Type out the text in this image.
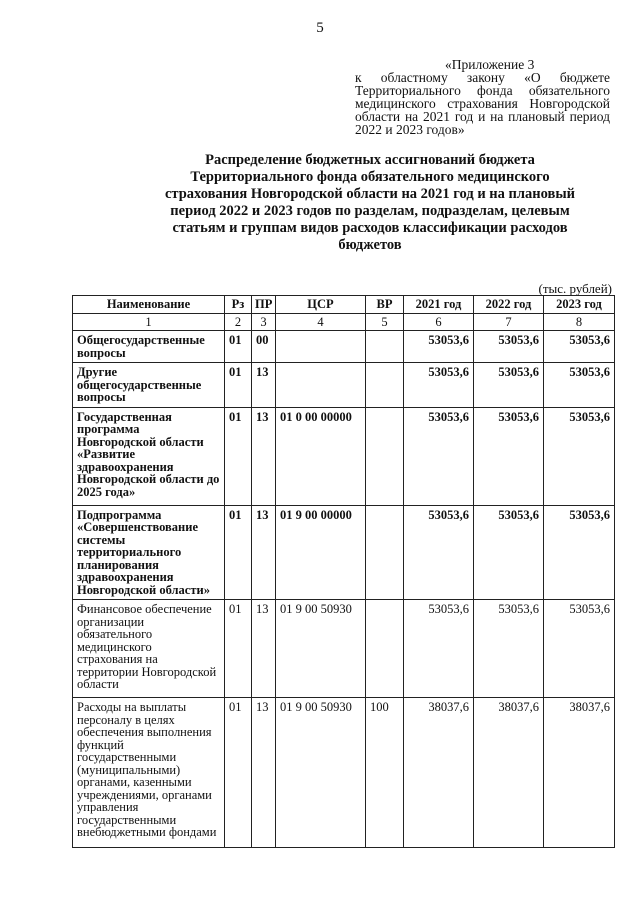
5
«Приложение 3
к областному закону «О бюджете Территориального фонда обязательного медицинского страхования Новгородской области на 2021 год и на плановый период 2022 и 2023 годов»
Распределение бюджетных ассигнований бюджета Территориального фонда обязательного медицинского страхования Новгородской области на 2021 год и на плановый период 2022 и 2023 годов по разделам, подразделам, целевым статьям и группам видов расходов классификации расходов бюджетов
(тыс. рублей)
Наименование	Рз	ПР	ЦСР	ВР	2021 год	2022 год	2023 год
1	2	3	4	5	6	7	8
Общегосударственные вопросы	01	00			53053,6	53053,6	53053,6
Другие общегосударственные вопросы	01	13			53053,6	53053,6	53053,6
Государственная программа Новгородской области «Развитие здравоохранения Новгородской области до 2025 года»	01	13	01 0 00 00000		53053,6	53053,6	53053,6
Подпрограмма «Совершенствование системы территориального планирования здравоохранения Новгородской области»	01	13	01 9 00 00000		53053,6	53053,6	53053,6
Финансовое обеспечение организации обязательного медицинского страхования на территории Новгородской области	01	13	01 9 00 50930		53053,6	53053,6	53053,6
Расходы на выплаты персоналу в целях обеспечения выполнения функций государственными (муниципальными) органами, казенными учреждениями, органами управления государственными внебюджетными фондами	01	13	01 9 00 50930	100	38037,6	38037,6	38037,6
